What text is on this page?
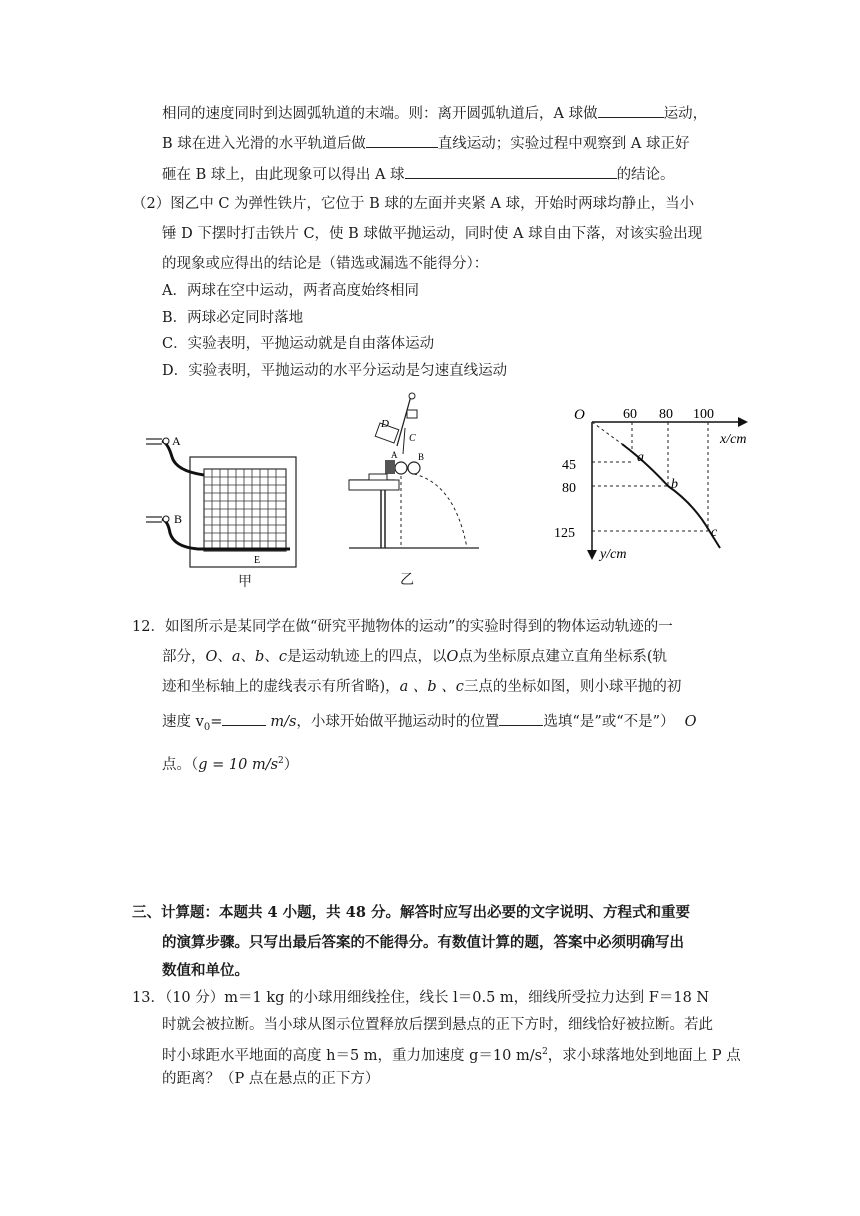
相同的速度同时到达圆弧轨道的末端。则：离开圆弧轨道后，A 球做	运动，
B 球在进入光滑的水平轨道后做	直线运动；实验过程中观察到 A 球正好
砸在 B 球上，由此现象可以得出 A 球	的结论。
（2）图乙中 C 为弹性铁片，它位于 B 球的左面并夹紧 A 球，开始时两球均静止，当小
锤 D 下摆时打击铁片 C，使 B 球做平抛运动，同时使 A 球自由下落，对该实验出现
的现象或应得出的结论是（错选或漏选不能得分）：
A．两球在空中运动，两者高度始终相同
B．两球必定同时落地
C．实验表明，平抛运动就是自由落体运动
D．实验表明，平抛运动的水平分运动是匀速直线运动
A
B
E
甲
D
C
A B
乙
O
x/cm
y/cm
60 80 100
45
80
125
a
b
c
12．如图所示是某同学在做“研究平抛物体的运动”的实验时得到的物体运动轨迹的一
部分，O、a、b、c是运动轨迹上的四点，以O点为坐标原点建立直角坐标系(轨
迹和坐标轴上的虚线表示有所省略)，a 、b 、c三点的坐标如图，则小球平抛的初
速度 $v_0=$	m/s，小球开始做平抛运动时的位置	选填“是”或“不是”） O
点。（g = 10 $m/s^2$）
三、计算题：本题共 4 小题，共 48 分。解答时应写出必要的文字说明、方程式和重要
的演算步骤。只写出最后答案的不能得分。有数值计算的题，答案中必须明确写出
数值和单位。
13．（10 分）m＝1 kg 的小球用细线拴住，线长 l＝0.5 m，细线所受拉力达到 F＝18 N
时就会被拉断。当小球从图示位置释放后摆到悬点的正下方时，细线恰好被拉断。若此
时小球距水平地面的高度 h＝5 m，重力加速度 g＝10 $m/s^2$，求小球落地处到地面上 P 点
的距离？（P 点在悬点的正下方）
